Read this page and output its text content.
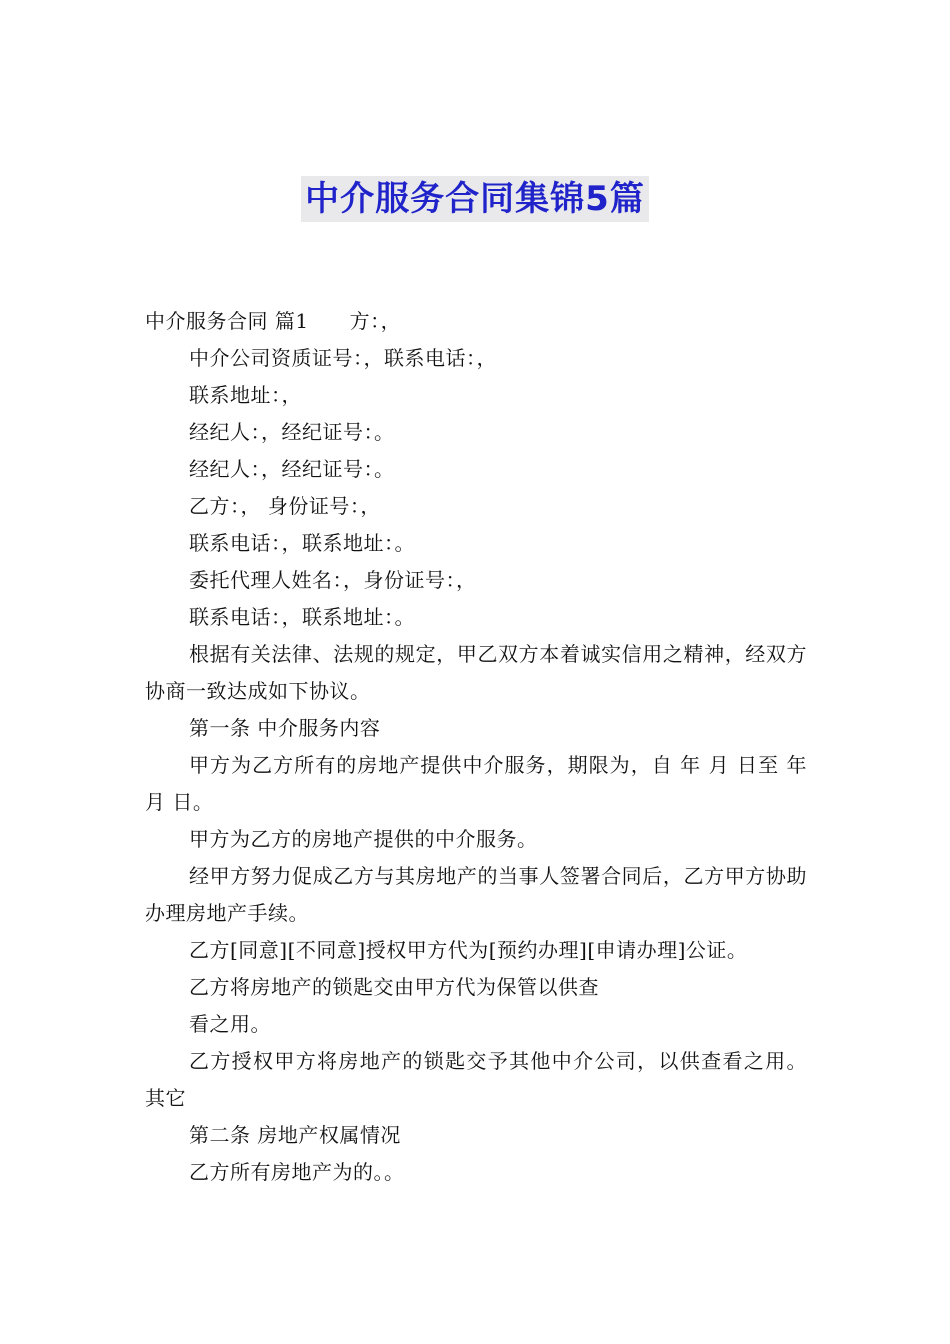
中介服务合同集锦5篇

中介服务合同 篇1　　方：，

中介公司资质证号：，联系电话：，

联系地址：，

经纪人：，经纪证号：。

经纪人：，经纪证号：。

乙方：， 身份证号：，

联系电话：，联系地址：。

委托代理人姓名：，身份证号：，

联系电话：，联系地址：。

根据有关法律、法规的规定，甲乙双方本着诚实信用之精神，经双方协商一致达成如下协议。

第一条 中介服务内容

甲方为乙方所有的房地产提供中介服务，期限为，自 年 月 日至 年 月 日。

甲方为乙方的房地产提供的中介服务。

经甲方努力促成乙方与其房地产的当事人签署合同后，乙方甲方协助办理房地产手续。

乙方[同意][不同意]授权甲方代为[预约办理][申请办理]公证。

乙方将房地产的锁匙交由甲方代为保管以供查

看之用。

乙方授权甲方将房地产的锁匙交予其他中介公司，以供查看之用。 其它

第二条 房地产权属情况

乙方所有房地产为的。。
